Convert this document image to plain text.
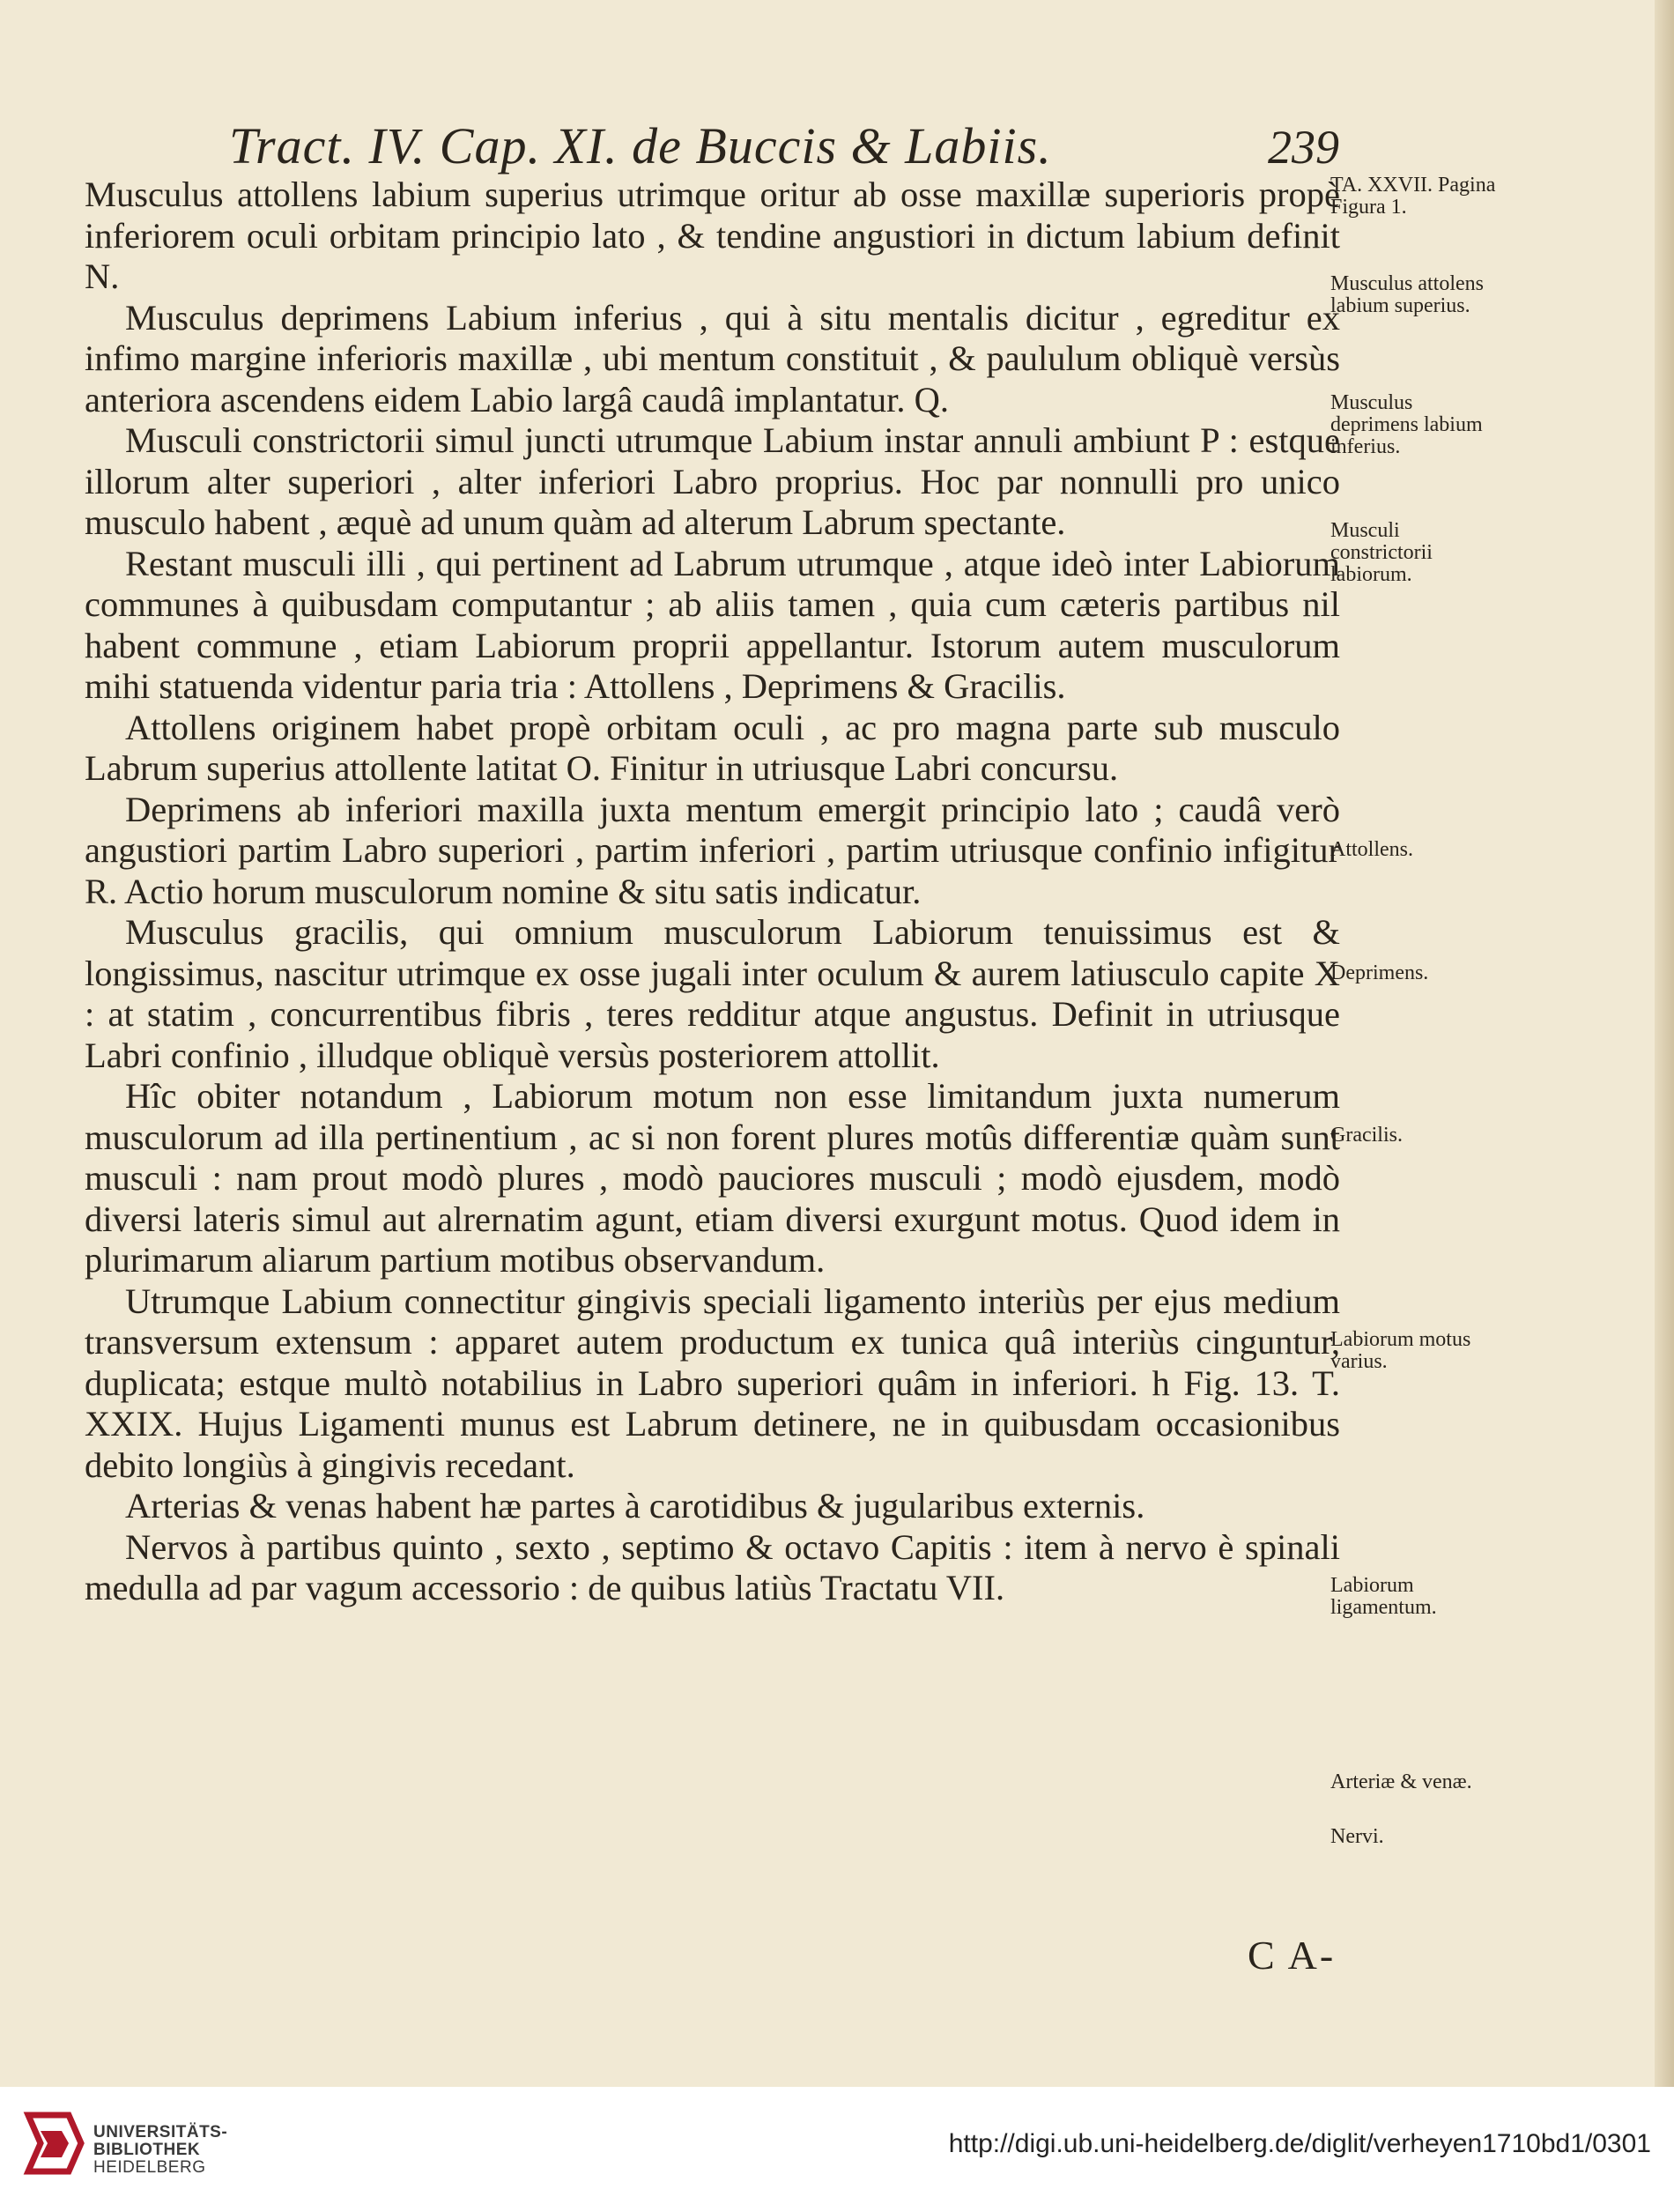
Tract. IV. Cap. XI. de Buccis & Labiis.	239

Musculus attollens labium superius utrimque oritur ab osse maxillæ superioris propè inferiorem oculi orbitam principio lato , & tendine angustiori in dictum labium definit N.

Musculus deprimens Labium inferius , qui à situ mentalis dicitur , egreditur ex infimo margine inferioris maxillæ , ubi mentum constituit , & paululum obliquè versùs anteriora ascendens eidem Labio largâ caudâ implantatur. Q.

Musculi constrictorii simul juncti utrumque Labium instar annuli ambiunt P : estque illorum alter superiori , alter inferiori Labro proprius. Hoc par nonnulli pro unico musculo habent , æquè ad unum quàm ad alterum Labrum spectante.

Restant musculi illi , qui pertinent ad Labrum utrumque , atque ideò inter Labiorum communes à quibusdam computantur ; ab aliis tamen , quia cum cæteris partibus nil habent commune , etiam Labiorum proprii appellantur. Istorum autem musculorum mihi statuenda videntur paria tria : Attollens , Deprimens & Gracilis.

Attollens originem habet propè orbitam oculi , ac pro magna parte sub musculo Labrum superius attollente latitat O. Finitur in utriusque Labri concursu.

Deprimens ab inferiori maxilla juxta mentum emergit principio lato ; caudâ verò angustiori partim Labro superiori , partim inferiori , partim utriusque confinio infigitur R. Actio horum musculorum nomine & situ satis indicatur.

Musculus gracilis, qui omnium musculorum Labiorum tenuissimus est & longissimus, nascitur utrimque ex osse jugali inter oculum & aurem latiusculo capite X : at statim , concurrentibus fibris , teres redditur atque angustus. Definit in utriusque Labri confinio , illudque obliquè versùs posteriorem attollit.

Hîc obiter notandum , Labiorum motum non esse limitandum juxta numerum musculorum ad illa pertinentium , ac si non forent plures motûs differentiæ quàm sunt musculi : nam prout modò plures , modò pauciores musculi ; modò ejusdem, modò diversi lateris simul aut alrernatim agunt, etiam diversi exurgunt motus. Quod idem in plurimarum aliarum partium motibus observandum.

Utrumque Labium connectitur gingivis speciali ligamento interiùs per ejus medium transversum extensum : apparet autem productum ex tunica quâ interiùs cinguntur, duplicata; estque multò notabilius in Labro superiori quâm in inferiori. h Fig. 13. T. XXIX. Hujus Ligamenti munus est Labrum detinere, ne in quibusdam occasionibus debito longiùs à gingivis recedant.

Arterias & venas habent hæ partes à carotidibus & jugularibus externis.

Nervos à partibus quinto , sexto , septimo & octavo Capitis : item à nervo è spinali medulla ad par vagum accessorio : de quibus latiùs Tractatu VII.

TA. XXVII. Pagina Figura 1.
Musculus attolens labium superius.
Musculus deprimens labium inferius.
Musculi constrictorii labiorum.
Attollens.
Deprimens.
Gracilis.
Labiorum motus varius.
Labiorum ligamentum.
Arteriæ & venæ.
Nervi.
C A-
UNIVERSITÄTS-
BIBLIOTHEK
HEIDELBERG
http://digi.ub.uni-heidelberg.de/diglit/verheyen1710bd1/0301
